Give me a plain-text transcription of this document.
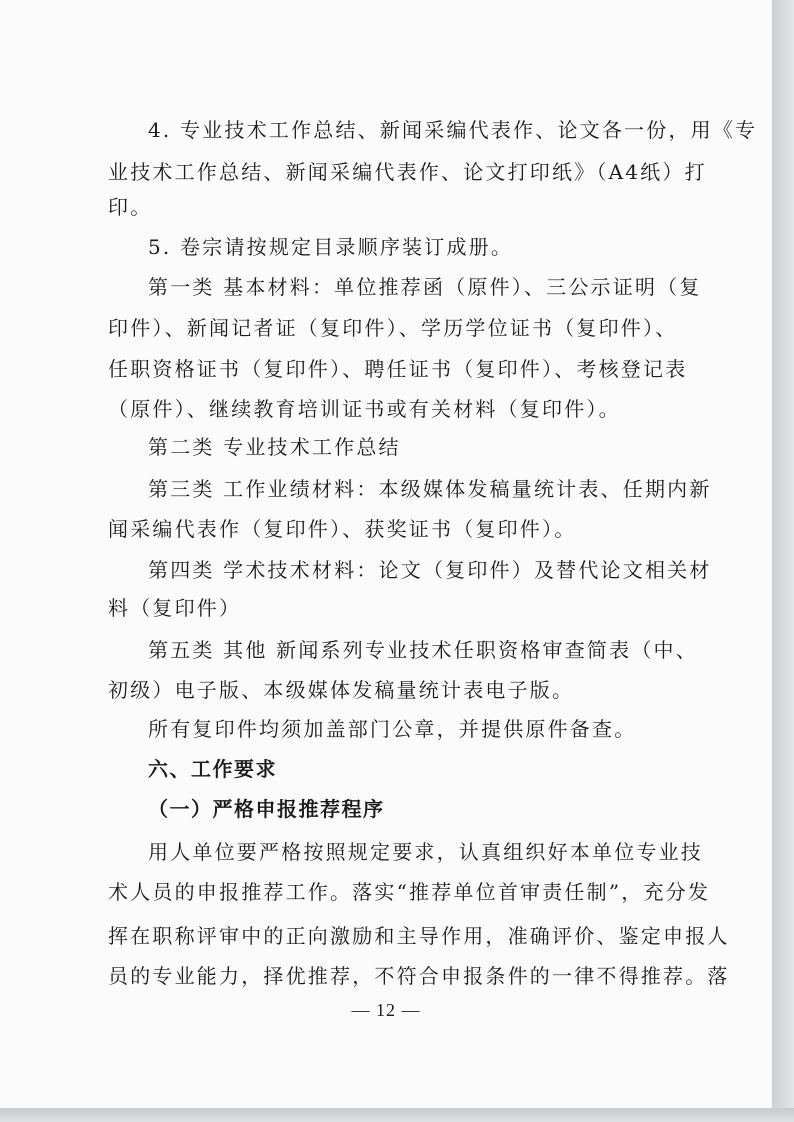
4. 专业技术工作总结、新闻采编代表作、论文各一份，用《专
业技术工作总结、新闻采编代表作、论文打印纸》（A4纸）打
印。
5. 卷宗请按规定目录顺序装订成册。
第一类 基本材料：单位推荐函（原件）、三公示证明（复
印件）、新闻记者证（复印件）、学历学位证书（复印件）、
任职资格证书（复印件）、聘任证书（复印件）、考核登记表
（原件）、继续教育培训证书或有关材料（复印件）。
第二类 专业技术工作总结
第三类 工作业绩材料：本级媒体发稿量统计表、任期内新
闻采编代表作（复印件）、获奖证书（复印件）。
第四类 学术技术材料：论文（复印件）及替代论文相关材
料（复印件）
第五类 其他 新闻系列专业技术任职资格审查简表（中、
初级）电子版、本级媒体发稿量统计表电子版。
所有复印件均须加盖部门公章，并提供原件备查。
六、工作要求
（一）严格申报推荐程序
用人单位要严格按照规定要求，认真组织好本单位专业技
术人员的申报推荐工作。落实“推荐单位首审责任制”，充分发
挥在职称评审中的正向激励和主导作用，准确评价、鉴定申报人
员的专业能力，择优推荐，不符合申报条件的一律不得推荐。落
— 12 —
